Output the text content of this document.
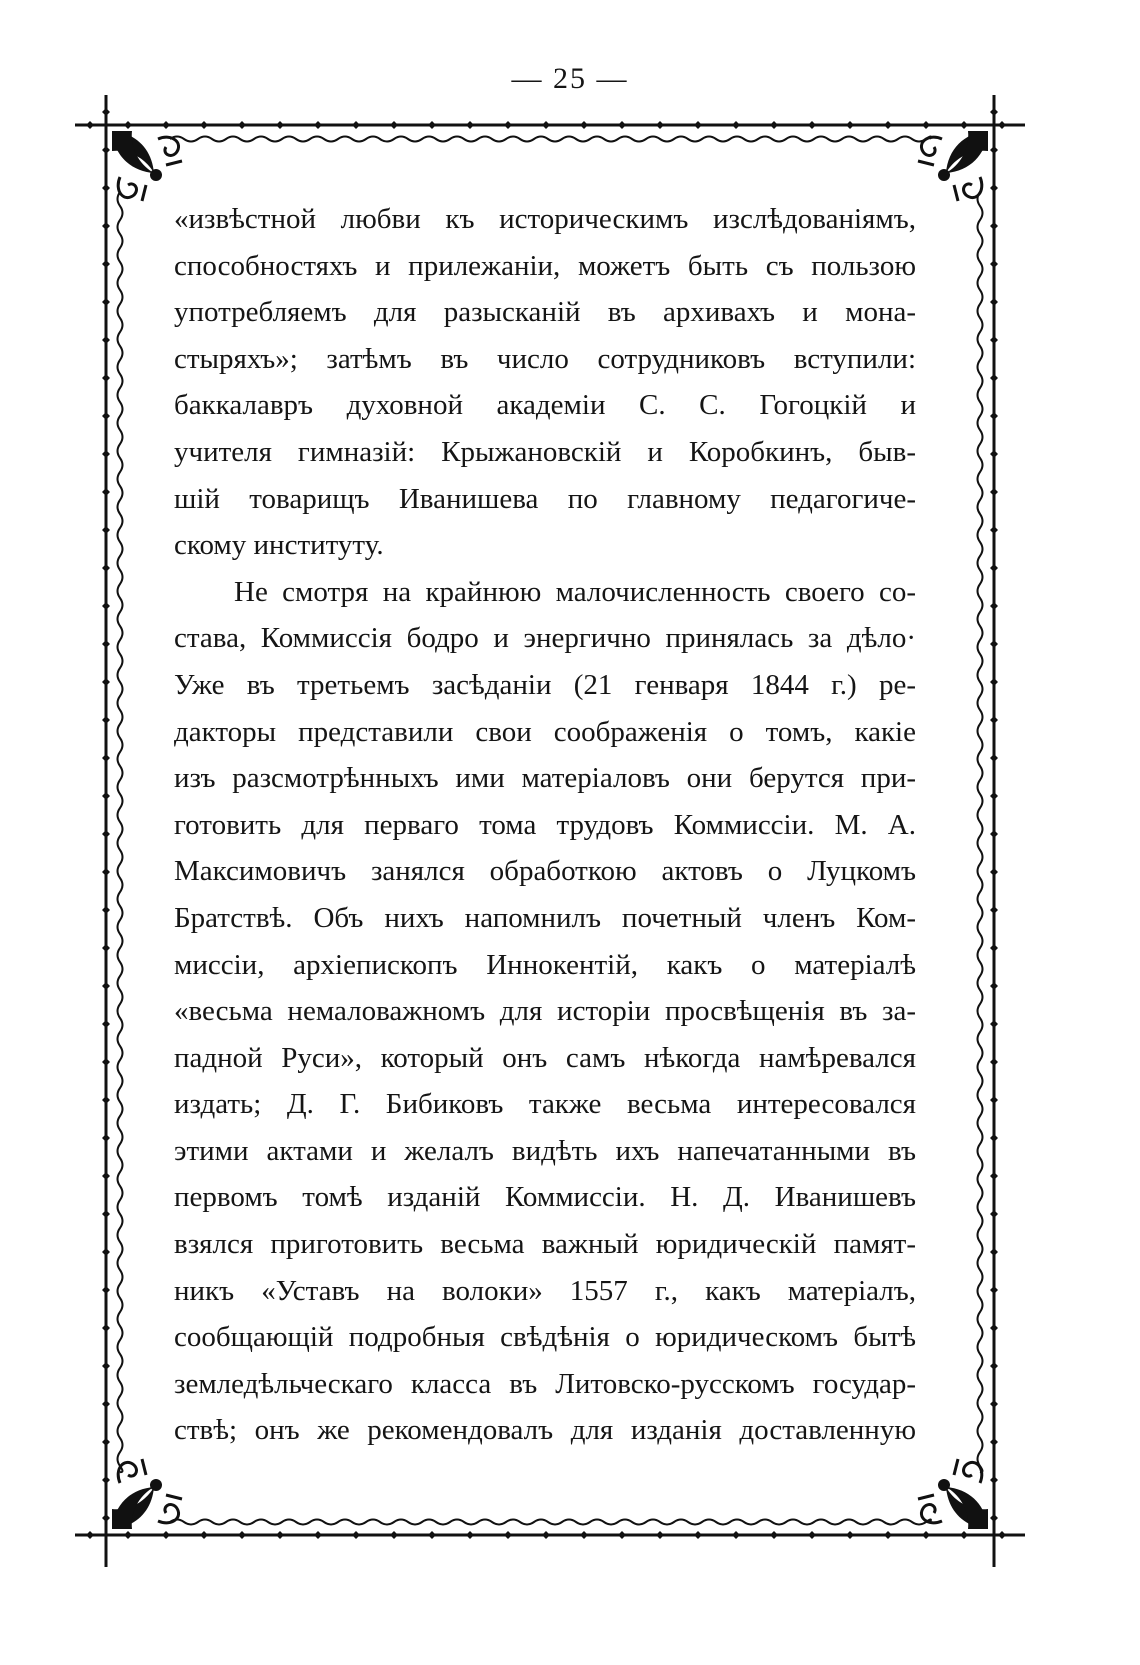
— 25 —
«извѣстной любви къ историческимъ изслѣдованіямъ,
способностяхъ и прилежаніи, можетъ быть съ пользою
употребляемъ для разысканій въ архивахъ и мона-
стыряхъ»; затѣмъ въ число сотрудниковъ вступили:
баккалавръ духовной академіи С. С. Гогоцкій и
учителя гимназій: Крыжановскій и Коробкинъ, быв-
шій товарищъ Иванишева по главному педагогиче-
скому институту.
Не смотря на крайнюю малочисленность своего со-
става, Коммиссія бодро и энергично принялась за дѣло·
Уже въ третьемъ засѣданіи (21 генваря 1844 г.) ре-
дакторы представили свои соображенія о томъ, какіе
изъ разсмотрѣнныхъ ими матеріаловъ они берутся при-
готовить для перваго тома трудовъ Коммиссіи. М. А.
Максимовичъ занялся обработкою актовъ о Луцкомъ
Братствѣ. Объ нихъ напомнилъ почетный членъ Ком-
миссіи, архіепископъ Иннокентій, какъ о матеріалѣ
«весьма немаловажномъ для исторіи просвѣщенія въ за-
падной Руси», который онъ самъ нѣкогда намѣревался
издать; Д. Г. Бибиковъ также весьма интересовался
этими актами и желалъ видѣть ихъ напечатанными въ
первомъ томѣ изданій Коммиссіи. Н. Д. Иванишевъ
взялся приготовить весьма важный юридическій памят-
никъ «Уставъ на волоки» 1557 г., какъ матеріалъ,
сообщающій подробныя свѣдѣнія о юридическомъ бытѣ
земледѣльческаго класса въ Литовско-русскомъ государ-
ствѣ; онъ же рекомендовалъ для изданія доставленную
